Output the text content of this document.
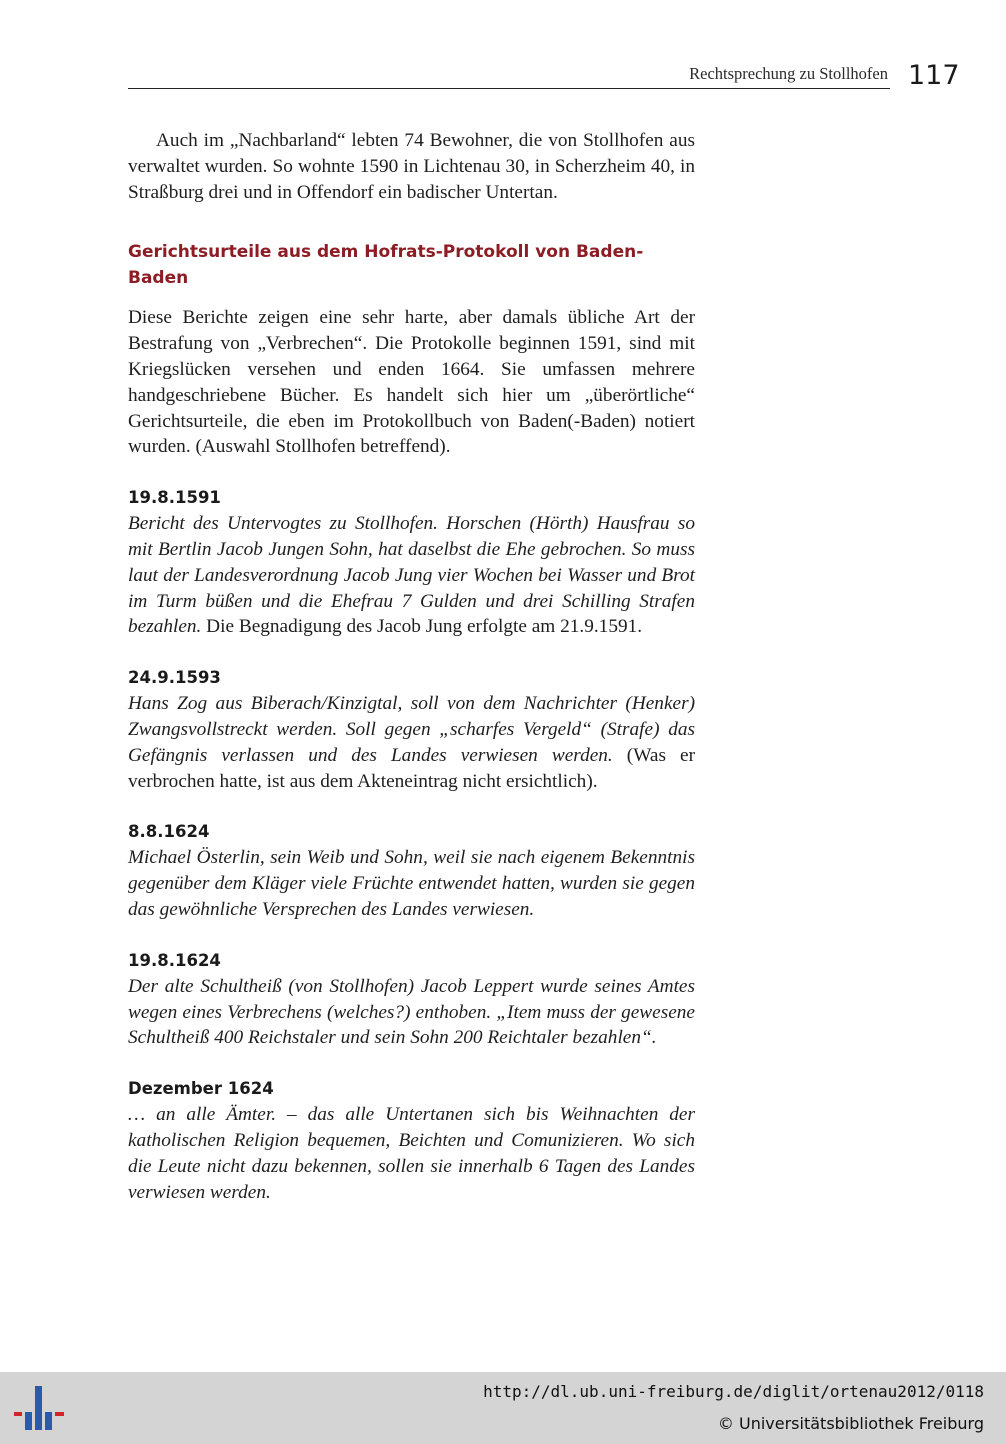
Rechtsprechung zu Stollhofen 117

Auch im „Nachbarland“ lebten 74 Bewohner, die von Stollhofen aus verwaltet wurden. So wohnte 1590 in Lichtenau 30, in Scherzheim 40, in Straßburg drei und in Offendorf ein badischer Untertan.

Gerichtsurteile aus dem Hofrats-Protokoll von Baden-Baden

Diese Berichte zeigen eine sehr harte, aber damals übliche Art der Bestrafung von „Verbrechen“. Die Protokolle beginnen 1591, sind mit Kriegslücken versehen und enden 1664. Sie umfassen mehrere handgeschriebene Bücher. Es handelt sich hier um „überörtliche“ Gerichtsurteile, die eben im Protokollbuch von Baden(-Baden) notiert wurden. (Auswahl Stollhofen betreffend).

19.8.1591

Bericht des Untervogtes zu Stollhofen. Horschen (Hörth) Hausfrau so mit Bertlin Jacob Jungen Sohn, hat daselbst die Ehe gebrochen. So muss laut der Landesverordnung Jacob Jung vier Wochen bei Wasser und Brot im Turm büßen und die Ehefrau 7 Gulden und drei Schilling Strafen bezahlen. Die Begnadigung des Jacob Jung erfolgte am 21.9.1591.

24.9.1593

Hans Zog aus Biberach/Kinzigtal, soll von dem Nachrichter (Henker) Zwangsvollstreckt werden. Soll gegen „scharfes Vergeld“ (Strafe) das Gefängnis verlassen und des Landes verwiesen werden. (Was er verbrochen hatte, ist aus dem Akteneintrag nicht ersichtlich).

8.8.1624

Michael Österlin, sein Weib und Sohn, weil sie nach eigenem Bekenntnis gegenüber dem Kläger viele Früchte entwendet hatten, wurden sie gegen das gewöhnliche Versprechen des Landes verwiesen.

19.8.1624

Der alte Schultheiß (von Stollhofen) Jacob Leppert wurde seines Amtes wegen eines Verbrechens (welches?) enthoben. „Item muss der gewesene Schultheiß 400 Reichstaler und sein Sohn 200 Reichtaler bezahlen“.

Dezember 1624

… an alle Ämter. – das alle Untertanen sich bis Weihnachten der katholischen Religion bequemen, Beichten und Comunizieren. Wo sich die Leute nicht dazu bekennen, sollen sie innerhalb 6 Tagen des Landes verwiesen werden.

http://dl.ub.uni-freiburg.de/diglit/ortenau2012/0118
© Universitätsbibliothek Freiburg
